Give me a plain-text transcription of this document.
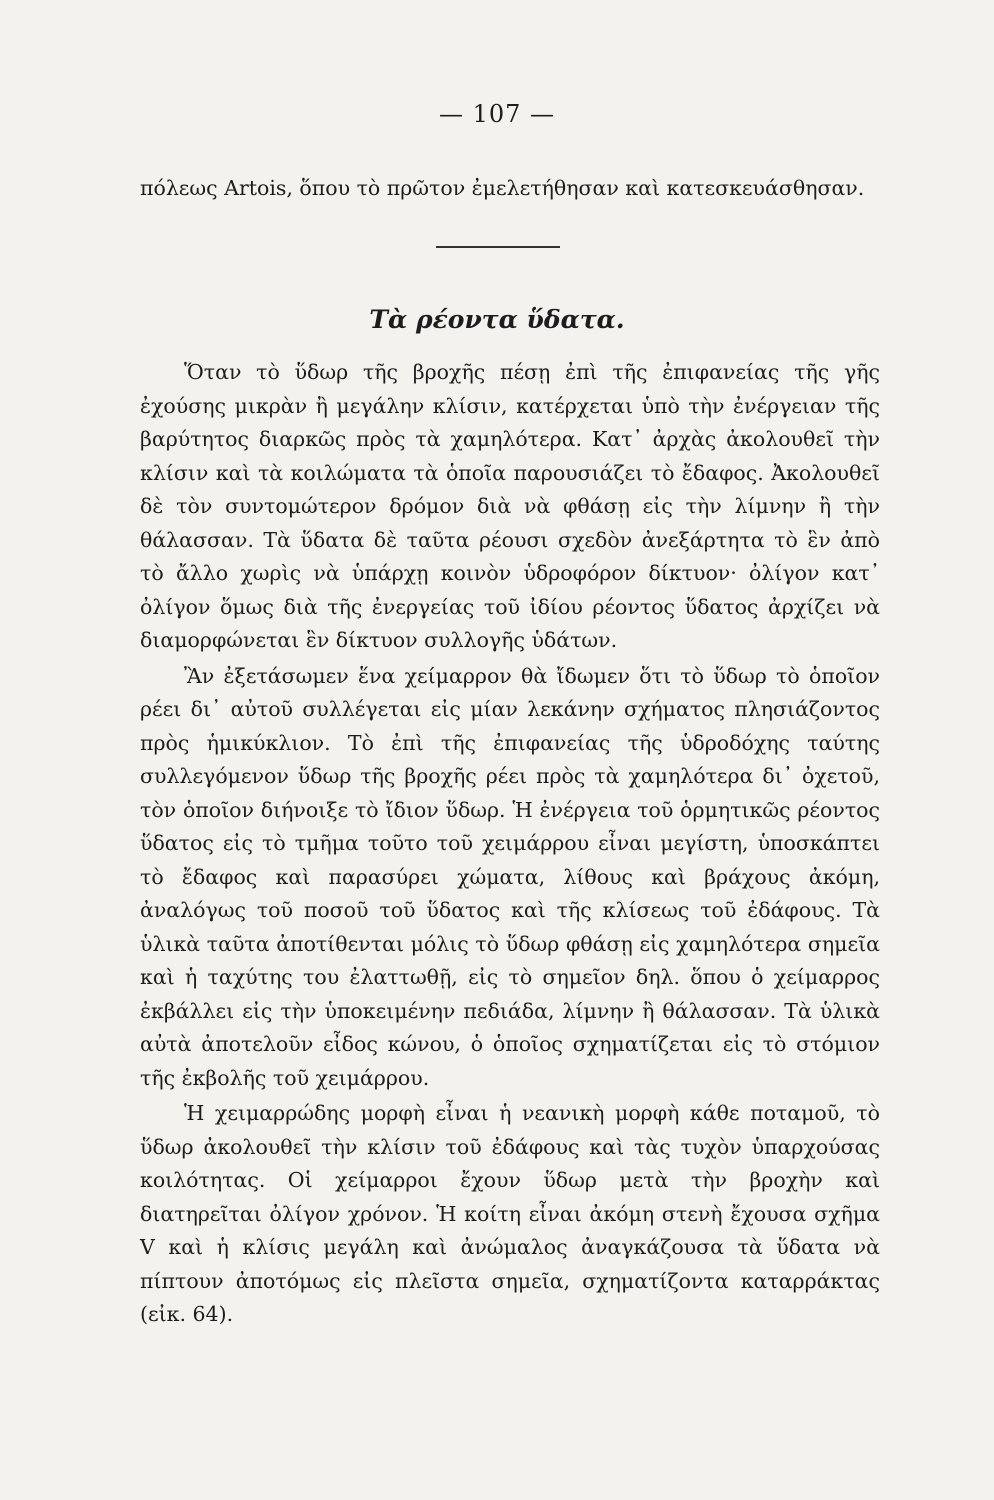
— 107 —
πόλεως Artois, ὅπου τὸ πρῶτον ἐμελετήθησαν καὶ κατεσκευάσθησαν.
Τὰ ρέοντα ὕδατα.

Ὅταν τὸ ὕδωρ τῆς βροχῆς πέσῃ ἐπὶ τῆς ἐπιφανείας τῆς γῆς ἐχούσης μικρὰν ἢ μεγάλην κλίσιν, κατέρχεται ὑπὸ τὴν ἐνέργειαν τῆς βαρύτητος διαρκῶς πρὸς τὰ χαμηλότερα. Κατ᾿ ἀρχὰς ἀκολουθεῖ τὴν κλίσιν καὶ τὰ κοιλώματα τὰ ὁποῖα παρουσιάζει τὸ ἔδαφος. Ἀκολουθεῖ δὲ τὸν συντομώτερον δρόμον διὰ νὰ φθάσῃ εἰς τὴν λίμνην ἢ τὴν θάλασσαν. Τὰ ὕδατα δὲ ταῦτα ρέουσι σχεδὸν ἀνεξάρτητα τὸ ἓν ἀπὸ τὸ ἄλλο χωρὶς νὰ ὑπάρχῃ κοινὸν ὑδροφόρον δίκτυον· ὀλίγον κατ᾿ ὀλίγον ὅμως διὰ τῆς ἐνεργείας τοῦ ἰδίου ρέοντος ὕδατος ἀρχίζει νὰ διαμορφώνεται ἓν δίκτυον συλλογῆς ὑδάτων.

Ἂν ἐξετάσωμεν ἕνα χείμαρρον θὰ ἴδωμεν ὅτι τὸ ὕδωρ τὸ ὁποῖον ρέει δι᾿ αὐτοῦ συλλέγεται εἰς μίαν λεκάνην σχήματος πλησιάζοντος πρὸς ἡμικύκλιον. Τὸ ἐπὶ τῆς ἐπιφανείας τῆς ὑδροδόχης ταύτης συλλεγόμενον ὕδωρ τῆς βροχῆς ρέει πρὸς τὰ χαμηλότερα δι᾿ ὀχετοῦ, τὸν ὁποῖον διήνοιξε τὸ ἴδιον ὕδωρ. Ἡ ἐνέργεια τοῦ ὁρμητικῶς ρέοντος ὕδατος εἰς τὸ τμῆμα τοῦτο τοῦ χειμάρρου εἶναι μεγίστη, ὑποσκάπτει τὸ ἔδαφος καὶ παρασύρει χώματα, λίθους καὶ βράχους ἀκόμη, ἀναλόγως τοῦ ποσοῦ τοῦ ὕδατος καὶ τῆς κλίσεως τοῦ ἐδάφους. Τὰ ὑλικὰ ταῦτα ἀποτίθενται μόλις τὸ ὕδωρ φθάσῃ εἰς χαμηλότερα σημεῖα καὶ ἡ ταχύτης του ἐλαττωθῇ, εἰς τὸ σημεῖον δηλ. ὅπου ὁ χείμαρρος ἐκβάλλει εἰς τὴν ὑποκειμένην πεδιάδα, λίμνην ἢ θάλασσαν. Τὰ ὑλικὰ αὐτὰ ἀποτελοῦν εἶδος κώνου, ὁ ὁποῖος σχηματίζεται εἰς τὸ στόμιον τῆς ἐκβολῆς τοῦ χειμάρρου.

Ἡ χειμαρρώδης μορφὴ εἶναι ἡ νεανικὴ μορφὴ κάθε ποταμοῦ, τὸ ὕδωρ ἀκολουθεῖ τὴν κλίσιν τοῦ ἐδάφους καὶ τὰς τυχὸν ὑπαρχούσας κοιλότητας. Οἱ χείμαρροι ἔχουν ὕδωρ μετὰ τὴν βροχὴν καὶ διατηρεῖται ὀλίγον χρόνον. Ἡ κοίτη εἶναι ἀκόμη στενὴ ἔχουσα σχῆμα V καὶ ἡ κλίσις μεγάλη καὶ ἀνώμαλος ἀναγκάζουσα τὰ ὕδατα νὰ πίπτουν ἀποτόμως εἰς πλεῖστα σημεῖα, σχηματίζοντα καταρράκτας (εἰκ. 64).
